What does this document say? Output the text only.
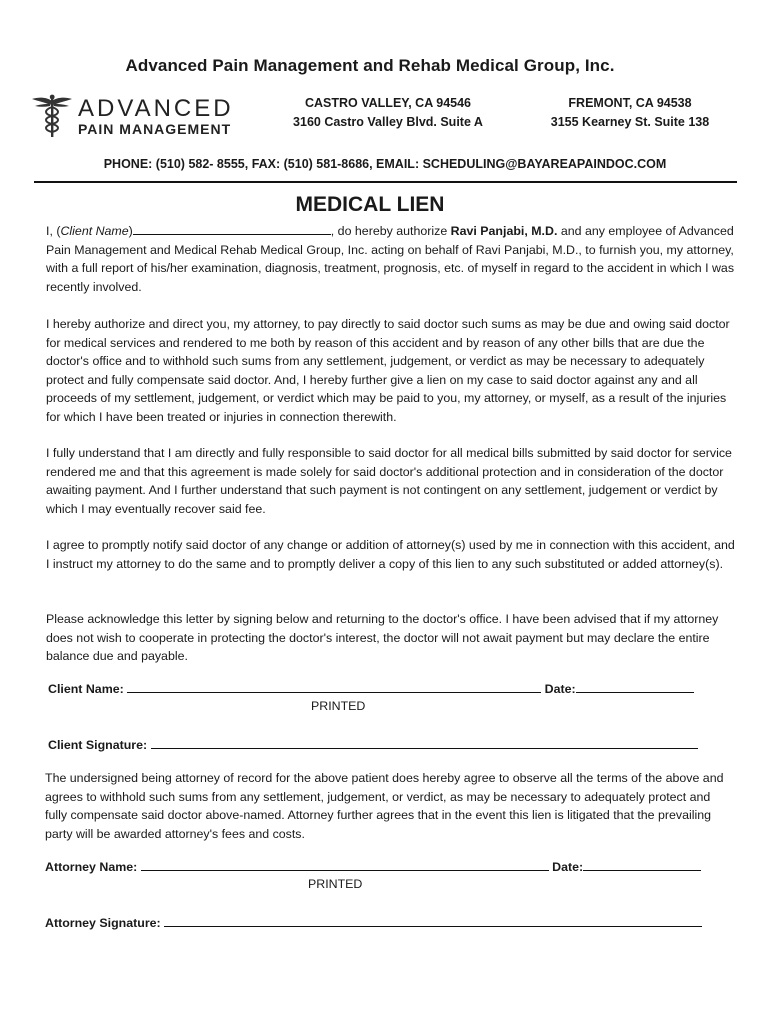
Advanced Pain Management and Rehab Medical Group, Inc.
ADVANCED
PAIN MANAGEMENT
CASTRO VALLEY, CA 94546
3160 Castro Valley Blvd. Suite A
FREMONT, CA 94538
3155 Kearney St. Suite 138
PHONE: (510) 582- 8555, FAX: (510) 581-8686, EMAIL: SCHEDULING@BAYAREAPAINDOC.COM
MEDICAL LIEN
I, (Client Name)	, do hereby authorize Ravi Panjabi, M.D. and any employee of Advanced Pain Management and Medical Rehab Medical Group, Inc. acting on behalf of Ravi Panjabi, M.D., to furnish you, my attorney, with a full report of his/her examination, diagnosis, treatment, prognosis, etc. of myself in regard to the accident in which I was recently involved.
I hereby authorize and direct you, my attorney, to pay directly to said doctor such sums as may be due and owing said doctor for medical services and rendered to me both by reason of this accident and by reason of any other bills that are due the doctor's office and to withhold such sums from any settlement, judgement, or verdict as may be necessary to adequately protect and fully compensate said doctor. And, I hereby further give a lien on my case to said doctor against any and all proceeds of my settlement, judgement, or verdict which may be paid to you, my attorney, or myself, as a result of the injuries for which I have been treated or injuries in connection therewith.
I fully understand that I am directly and fully responsible to said doctor for all medical bills submitted by said doctor for service rendered me and that this agreement is made solely for said doctor's additional protection and in consideration of the doctor awaiting payment. And I further understand that such payment is not contingent on any settlement, judgement or verdict by which I may eventually recover said fee.
I agree to promptly notify said doctor of any change or addition of attorney(s) used by me in connection with this accident, and I instruct my attorney to do the same and to promptly deliver a copy of this lien to any such substituted or added attorney(s).
Please acknowledge this letter by signing below and returning to the doctor's office. I have been advised that if my attorney does not wish to cooperate in protecting the doctor's interest, the doctor will not await payment but may declare the entire balance due and payable.
Client Name:	Date:
PRINTED
Client Signature:
The undersigned being attorney of record for the above patient does hereby agree to observe all the terms of the above and agrees to withhold such sums from any settlement, judgement, or verdict, as may be necessary to adequately protect and fully compensate said doctor above-named. Attorney further agrees that in the event this lien is litigated that the prevailing party will be awarded attorney's fees and costs.
Attorney Name:	Date:
PRINTED
Attorney Signature:
